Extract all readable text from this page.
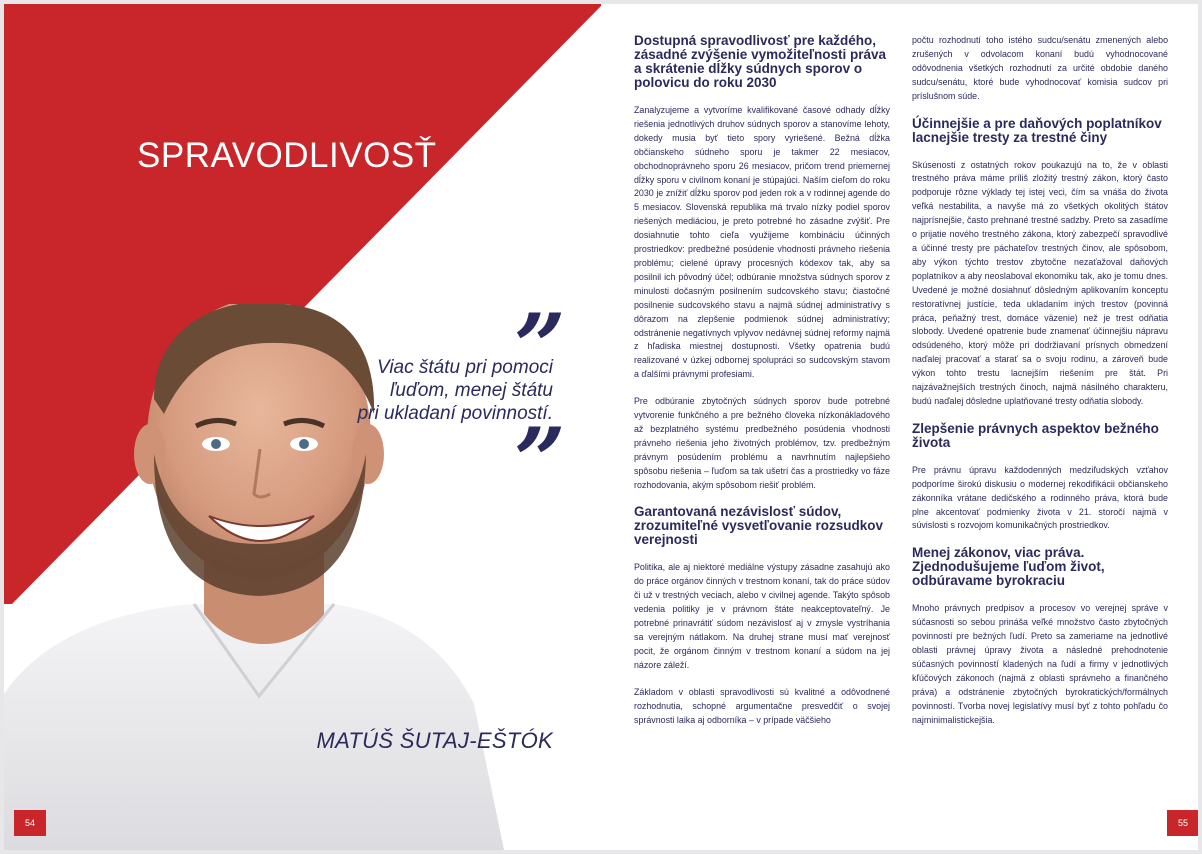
SPRAVODLIVOSŤ
”
Viac štátu pri pomoci
ľuďom, menej štátu
pri ukladaní povinností.
”
MATÚŠ ŠUTAJ-EŠTÓK
54
Dostupná spravodlivosť pre každého, zásadné zvýšenie vymožiteľnosti práva a skrátenie dĺžky súdnych sporov o polovicu do roku 2030
Zanalyzujeme a vytvoríme kvalifikované časové odhady dĺžky riešenia jednotlivých druhov súdnych sporov a stanovíme lehoty, dokedy musia byť tieto spory vyriešené. Bežná dĺžka občianskeho súdneho sporu je takmer 22 mesiacov, obchodnoprávneho sporu 26 mesiacov, pričom trend priemernej dĺžky sporu v civilnom konaní je stúpajúci. Naším cieľom do roku 2030 je znížiť dĺžku sporov pod jeden rok a v rodinnej agende do 5 mesiacov. Slovenská republika má trvalo nízky podiel sporov riešených mediáciou, je preto potrebné ho zásadne zvýšiť. Pre dosiahnutie tohto cieľa využijeme kombináciu účinných prostriedkov: predbežné posúdenie vhodnosti právneho riešenia problému; cielené úpravy procesných kódexov tak, aby sa posilnil ich pôvodný účel; odbúranie množstva súdnych sporov z minulosti dočasným posilnením sudcovského stavu; čiastočné posilnenie sudcovského stavu a najmä súdnej administratívy s dôrazom na zlepšenie podmienok súdnej administratívy; odstránenie negatívnych vplyvov nedávnej súdnej reformy najmä z hľadiska miestnej dostupnosti. Všetky opatrenia budú realizované v úzkej odbornej spolupráci so sudcovským stavom a ďalšími právnymi profesiami.
Pre odbúranie zbytočných súdnych sporov bude potrebné vytvorenie funkčného a pre bežného človeka nízkonákladového až bezplatného systému predbežného posúdenia vhodnosti právneho riešenia jeho životných problémov, tzv. predbežným právnym posúdením problému a navrhnutím najlepšieho spôsobu riešenia – ľuďom sa tak ušetrí čas a prostriedky vo fáze rozhodovania, akým spôsobom riešiť problém.
Garantovaná nezávislosť súdov, zrozumiteľné vysvetľovanie rozsudkov verejnosti
Politika, ale aj niektoré mediálne výstupy zásadne zasahujú ako do práce orgánov činných v trestnom konaní, tak do práce súdov či už v trestných veciach, alebo v civilnej agende. Takýto spôsob vedenia politiky je v právnom štáte neakceptovateľný. Je potrebné prinavrátiť súdom nezávislosť aj v zmysle vystríhania sa verejným nátlakom. Na druhej strane musí mať verejnosť pocit, že orgánom činným v trestnom konaní a súdom na jej názore záleží.
Základom v oblasti spravodlivosti sú kvalitné a odôvodnené rozhodnutia, schopné argumentačne presvedčiť o svojej správnosti laika aj odborníka – v prípade väčšieho
počtu rozhodnutí toho istého sudcu/senátu zmenených alebo zrušených v odvolacom konaní budú vyhodnocované odôvodnenia všetkých rozhodnutí za určité obdobie daného sudcu/senátu, ktoré bude vyhodnocovať komisia sudcov pri príslušnom súde.
Účinnejšie a pre daňových poplatníkov lacnejšie tresty za trestné činy
Skúsenosti z ostatných rokov poukazujú na to, že v oblasti trestného práva máme príliš zložitý trestný zákon, ktorý často podporuje rôzne výklady tej istej veci, čím sa vnáša do života veľká nestabilita, a navyše má zo všetkých okolitých štátov najprísnejšie, často prehnané trestné sadzby. Preto sa zasadíme o prijatie nového trestného zákona, ktorý zabezpečí spravodlivé a účinné tresty pre páchateľov trestných činov, ale spôsobom, aby výkon týchto trestov zbytočne nezaťažoval daňových poplatníkov a aby neoslaboval ekonomiku tak, ako je tomu dnes. Uvedené je možné dosiahnuť dôsledným aplikovaním konceptu restoratívnej justície, teda ukladaním iných trestov (povinná práca, peňažný trest, domáce väzenie) než je trest odňatia slobody. Uvedené opatrenie bude znamenať účinnejšiu nápravu odsúdeného, ktorý môže pri dodržiavaní prísnych obmedzení naďalej pracovať a starať sa o svoju rodinu, a zároveň bude výkon tohto trestu lacnejším riešením pre štát. Pri najzávažnejších trestných činoch, najmä násilného charakteru, budú naďalej dôsledne uplatňované tresty odňatia slobody.
Zlepšenie právnych aspektov bežného života
Pre právnu úpravu každodenných medziľudských vzťahov podporíme širokú diskusiu o modernej rekodifikácii občianskeho zákonníka vrátane dedičského a rodinného práva, ktorá bude plne akcentovať podmienky života v 21. storočí najmä v súvislosti s rozvojom komunikačných prostriedkov.
Menej zákonov, viac práva. Zjednodušujeme ľuďom život, odbúravame byrokraciu
Mnoho právnych predpisov a procesov vo verejnej správe v súčasnosti so sebou prináša veľké množstvo často zbytočných povinností pre bežných ľudí. Preto sa zameriame na jednotlivé oblasti právnej úpravy života a následné prehodnotenie súčasných povinností kladených na ľudí a firmy v jednotlivých kľúčových zákonoch (najmä z oblasti správneho a finančného práva) a odstránenie zbytočných byrokratických/formálnych povinností. Tvorba novej legislatívy musí byť z tohto pohľadu čo najminimalistickejšia.
55
